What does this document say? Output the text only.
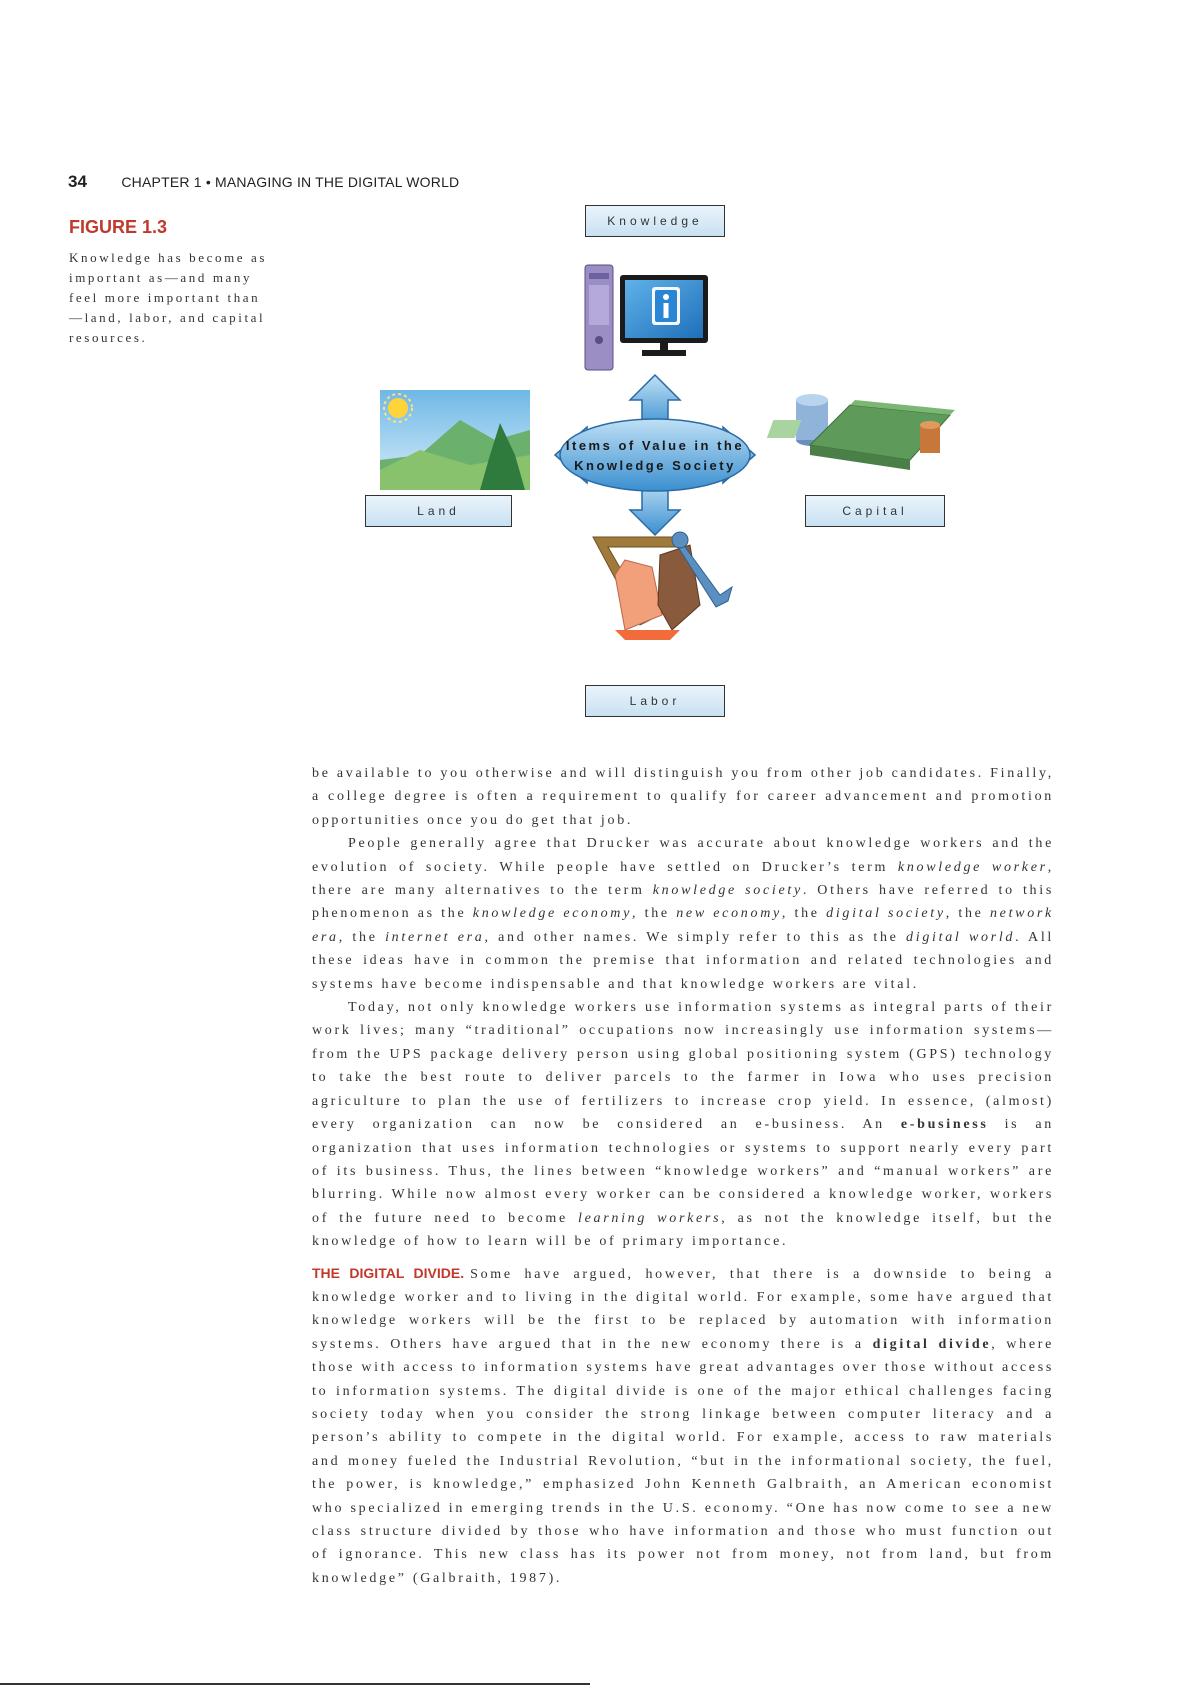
34 CHAPTER 1 • MANAGING IN THE DIGITAL WORLD
FIGURE 1.3
Knowledge has become as important as—and many feel more important than—land, labor, and capital resources.
Items of Value in the
Knowledge Society
Knowledge
Land	Capital
Labor

be available to you otherwise and will distinguish you from other job candidates. Finally, a college degree is often a requirement to qualify for career advancement and promotion opportunities once you do get that job.

People generally agree that Drucker was accurate about knowledge workers and the evolution of society. While people have settled on Drucker’s term knowledge worker, there are many alternatives to the term knowledge society. Others have referred to this phenomenon as the knowledge economy, the new economy, the digital society, the network era, the internet era, and other names. We simply refer to this as the digital world. All these ideas have in common the premise that information and related technologies and systems have become indispensable and that knowledge workers are vital.

Today, not only knowledge workers use information systems as integral parts of their work lives; many “traditional” occupations now increasingly use information systems—from the UPS package delivery person using global positioning system (GPS) technology to take the best route to deliver parcels to the farmer in Iowa who uses precision agriculture to plan the use of fertilizers to increase crop yield. In essence, (almost) every organization can now be considered an e-business. An e-business is an organization that uses information technologies or systems to support nearly every part of its business. Thus, the lines between “knowledge workers” and “manual workers” are blurring. While now almost every worker can be considered a knowledge worker, workers of the future need to become learning workers, as not the knowledge itself, but the knowledge of how to learn will be of primary importance.

THE DIGITAL DIVIDE. Some have argued, however, that there is a downside to being a knowledge worker and to living in the digital world. For example, some have argued that knowledge workers will be the first to be replaced by automation with information systems. Others have argued that in the new economy there is a digital divide, where those with access to information systems have great advantages over those without access to information systems. The digital divide is one of the major ethical challenges facing society today when you consider the strong linkage between computer literacy and a person’s ability to compete in the digital world. For example, access to raw materials and money fueled the Industrial Revolution, “but in the informational society, the fuel, the power, is knowledge,” emphasized John Kenneth Galbraith, an American economist who specialized in emerging trends in the U.S. economy. “One has now come to see a new class structure divided by those who have information and those who must function out of ignorance. This new class has its power not from money, not from land, but from knowledge” (Galbraith, 1987).
